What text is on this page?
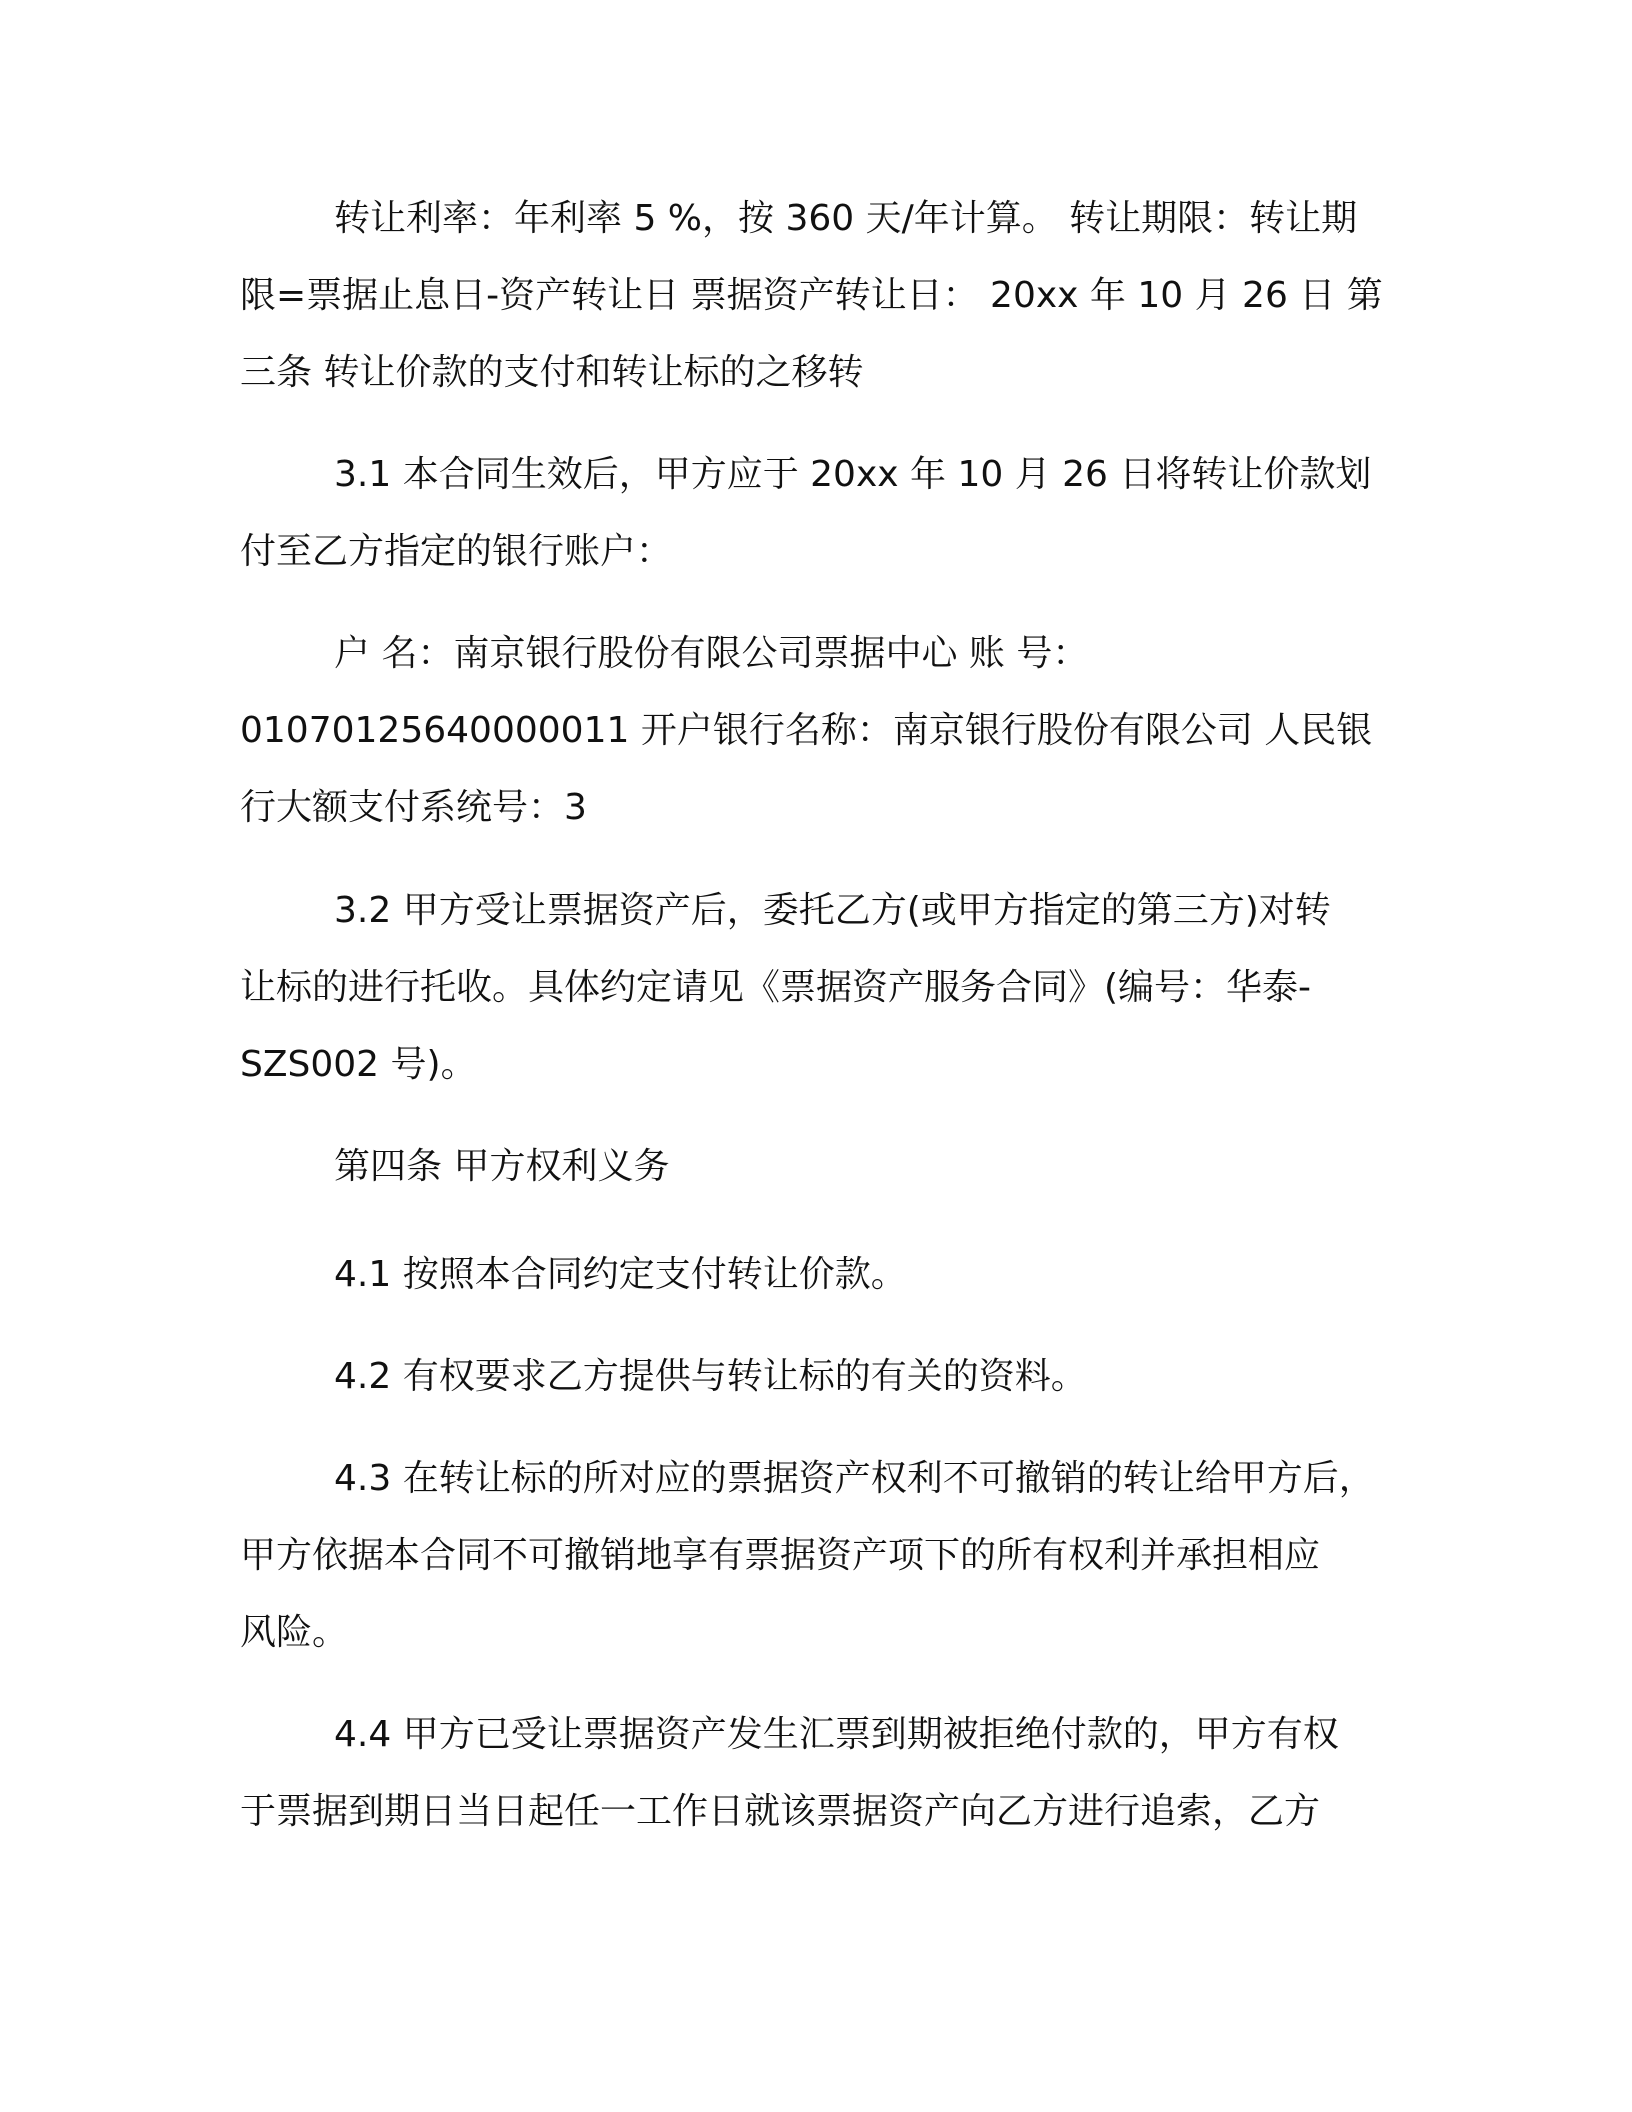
转让利率：年利率 5 %，按 360 天/年计算。 转让期限：转让期
限=票据止息日-资产转让日 票据资产转让日： 20xx 年 10 月 26 日 第
三条 转让价款的支付和转让标的之移转
3.1 本合同生效后，甲方应于 20xx 年 10 月 26 日将转让价款划
付至乙方指定的银行账户：
户 名：南京银行股份有限公司票据中心 账 号：
01070125640000011 开户银行名称：南京银行股份有限公司 人民银
行大额支付系统号：3
3.2 甲方受让票据资产后，委托乙方(或甲方指定的第三方)对转
让标的进行托收。具体约定请见《票据资产服务合同》(编号：华泰-
SZS002 号)。
第四条 甲方权利义务
4.1 按照本合同约定支付转让价款。
4.2 有权要求乙方提供与转让标的有关的资料。
4.3 在转让标的所对应的票据资产权利不可撤销的转让给甲方后，
甲方依据本合同不可撤销地享有票据资产项下的所有权利并承担相应
风险。
4.4 甲方已受让票据资产发生汇票到期被拒绝付款的，甲方有权
于票据到期日当日起任一工作日就该票据资产向乙方进行追索，乙方
